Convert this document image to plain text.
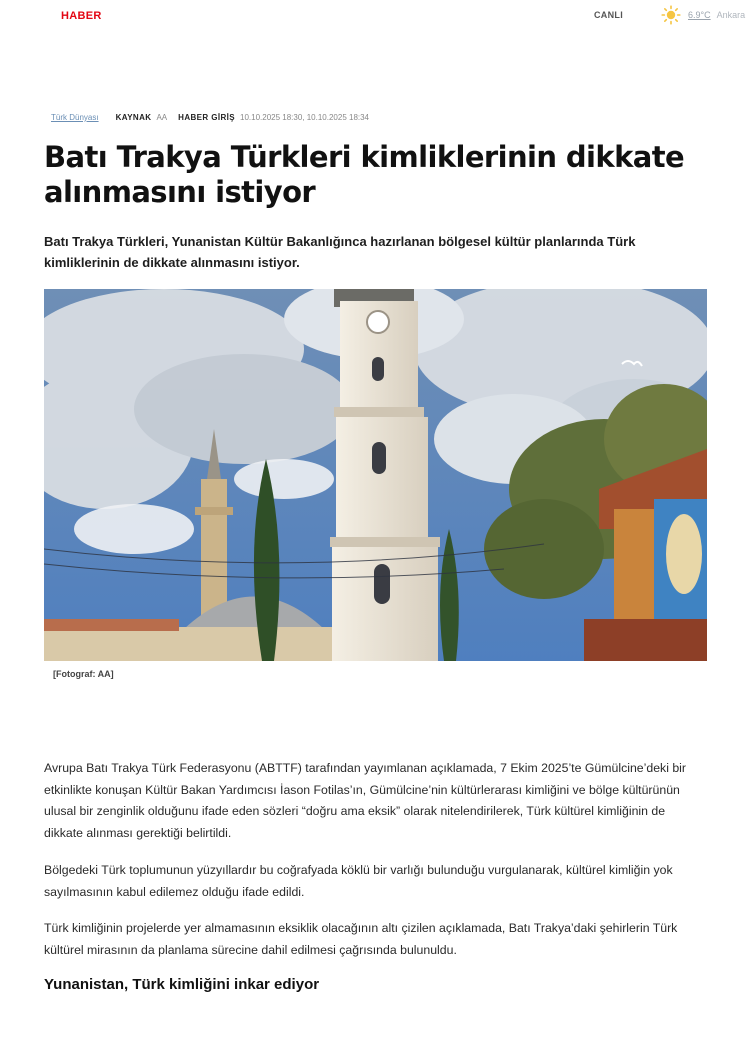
HABER	CANLI	6.9°C Ankara
Türk Dünyası KAYNAK AA HABER GİRİŞ 10.10.2025 18:30, 10.10.2025 18:34
Batı Trakya Türkleri kimliklerinin dikkate alınmasını istiyor

Batı Trakya Türkleri, Yunanistan Kültür Bakanlığınca hazırlanan bölgesel kültür planlarında Türk kimliklerinin de dikkate alınmasını istiyor.

[Fotograf: AA]

Avrupa Batı Trakya Türk Federasyonu (ABTTF) tarafından yayımlanan açıklamada, 7 Ekim 2025’te Gümülcine’deki bir etkinlikte konuşan Kültür Bakan Yardımcısı İason Fotilas’ın, Gümülcine’nin kültürlerarası kimliğini ve bölge kültürünün ulusal bir zenginlik olduğunu ifade eden sözleri “doğru ama eksik” olarak nitelendirilerek, Türk kültürel kimliğinin de dikkate alınması gerektiği belirtildi.

Bölgedeki Türk toplumunun yüzyıllardır bu coğrafyada köklü bir varlığı bulunduğu vurgulanarak, kültürel kimliğin yok sayılmasının kabul edilemez olduğu ifade edildi.

Türk kimliğinin projelerde yer almamasının eksiklik olacağının altı çizilen açıklamada, Batı Trakya’daki şehirlerin Türk kültürel mirasının da planlama sürecine dahil edilmesi çağrısında bulunuldu.

Yunanistan, Türk kimliğini inkar ediyor
